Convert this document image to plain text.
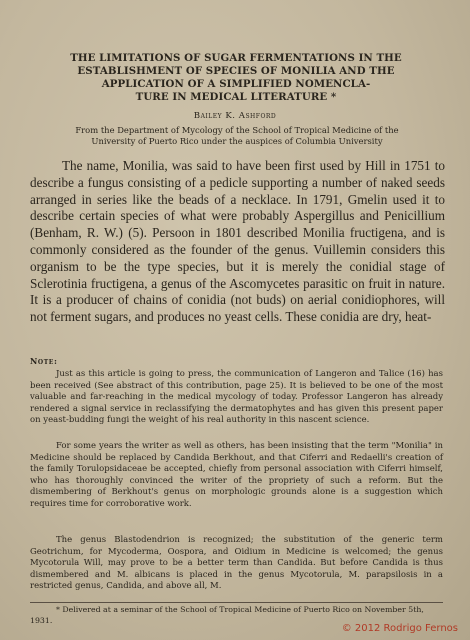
THE LIMITATIONS OF SUGAR FERMENTATIONS IN THE
ESTABLISHMENT OF SPECIES OF MONILIA AND THE
APPLICATION OF A SIMPLIFIED NOMENCLA-
TURE IN MEDICAL LITERATURE *
Bailey K. Ashford
From the Department of Mycology of the School of Tropical Medicine of the
University of Puerto Rico under the auspices of Columbia University
The name, Monilia, was said to have been first used by Hill in 1751 to describe a fungus consisting of a pedicle supporting a number of naked seeds arranged in series like the beads of a necklace. In 1791, Gmelin used it to describe certain species of what were probably Aspergillus and Penicillium (Benham, R. W.) (5). Persoon in 1801 described Monilia fructigena, and is commonly considered as the founder of the genus. Vuillemin considers this organism to be the type species, but it is merely the conidial stage of Sclerotinia fructigena, a genus of the Ascomycetes parasitic on fruit in nature. It is a producer of chains of conidia (not buds) on aerial conidiophores, will not ferment sugars, and produces no yeast cells. These conidia are dry, heat-
Note:
Just as this article is going to press, the communication of Langeron and Talice (16) has been received (See abstract of this contribution, page 25). It is believed to be one of the most valuable and far-reaching in the medical mycology of today. Professor Langeron has already rendered a signal service in reclassifying the dermatophytes and has given this present paper on yeast-budding fungi the weight of his real authority in this nascent science.
For some years the writer as well as others, has been insisting that the term "Monilia" in Medicine should be replaced by Candida Berkhout, and that Ciferri and Redaelli's creation of the family Torulopsidaceae be accepted, chiefly from personal association with Ciferri himself, who has thoroughly convinced the writer of the propriety of such a reform. But the dismembering of Berkhout's genus on morphologic grounds alone is a suggestion which requires time for corroborative work.
The genus Blastodendrion is recognized; the substitution of the generic term Geotrichum, for Mycoderma, Oospora, and Oidium in Medicine is welcomed; the genus Mycotorula Will, may prove to be a better term than Candida. But before Candida is thus dismembered and M. albicans is placed in the genus Mycotorula, M. parapsilosis in a restricted genus, Candida, and above all, M.
* Delivered at a seminar of the School of Tropical Medicine of Puerto Rico on November 5th, 1931.
© 2012 Rodrigo Fernos
